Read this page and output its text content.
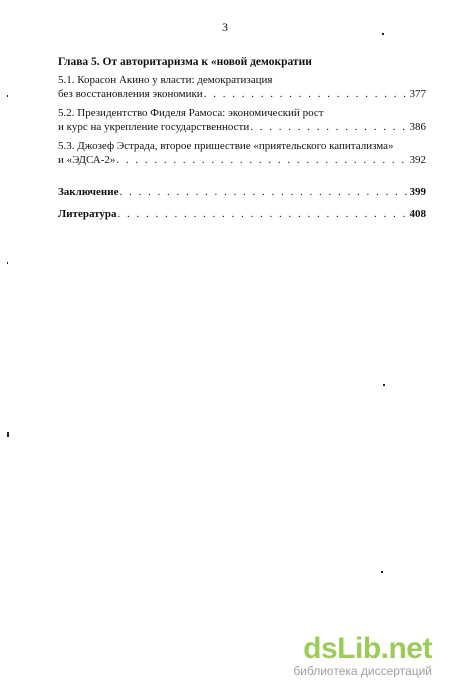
3
Глава 5. От авторитаризма к «новой демократии
5.1. Корасон Акино у власти: демократизация
без восстановления экономики . . .	377
5.2. Президентство Фиделя Рамоса: экономический рост
и курс на укрепление государственности . . .	386
5.3. Джозеф Эстрада, второе пришествие «приятельского капитализма»
и «ЭДСА-2» . . .	392
Заключение . . .	399
Литература . . .	408
dsLib.net
библиотека диссертаций
